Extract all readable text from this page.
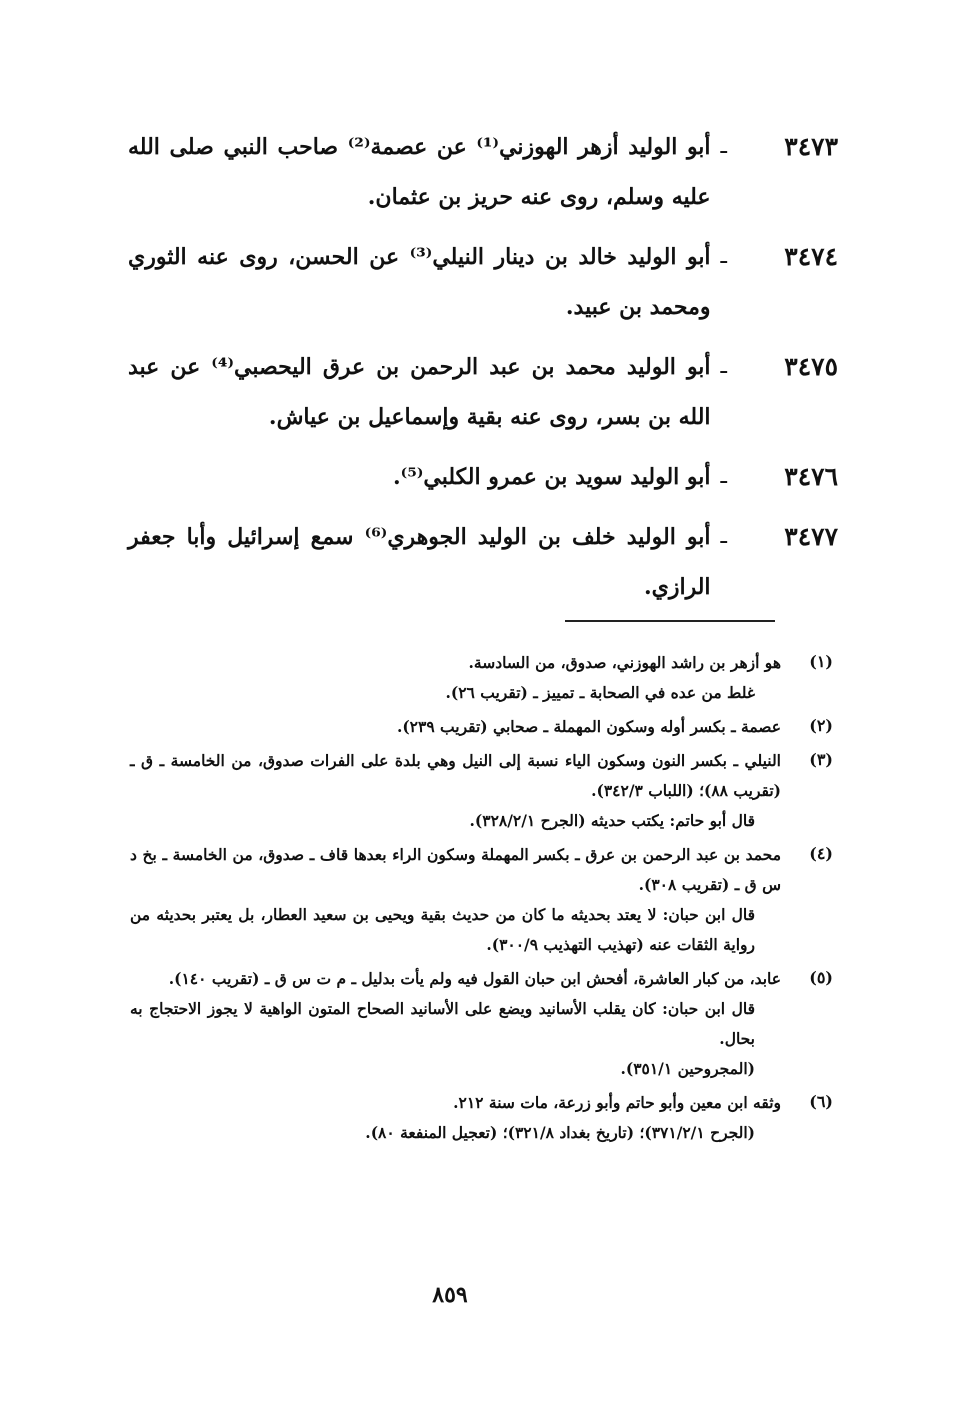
٣٤٧٣
ـ
أبو الوليد أزهر الهوزني⁽¹⁾ عن عصمة⁽²⁾ صاحب النبي صلى الله عليه وسلم، روى عنه حريز بن عثمان.
٣٤٧٤
ـ
أبو الوليد خالد بن دينار النيلي⁽³⁾ عن الحسن، روى عنه الثوري ومحمد بن عبيد.
٣٤٧٥
ـ
أبو الوليد محمد بن عبد الرحمن بن عرق اليحصبي⁽⁴⁾ عن عبد الله بن بسر، روى عنه بقية وإسماعيل بن عياش.
٣٤٧٦
ـ
أبو الوليد سويد بن عمرو الكلبي⁽⁵⁾.
٣٤٧٧
ـ
أبو الوليد خلف بن الوليد الجوهري⁽⁶⁾ سمع إسرائيل وأبا جعفر الرازي.
(١)

هو أزهر بن راشد الهوزني، صدوق، من السادسة.

غلط من عده في الصحابة ـ تمييز ـ (تقريب ٢٦).

(٢)

عصمة ـ بكسر أوله وسكون المهملة ـ صحابي (تقريب ٢٣٩).

(٣)

النيلي ـ بكسر النون وسكون الياء نسبة إلى النيل وهي بلدة على الفرات صدوق، من الخامسة ـ ق ـ (تقريب ٨٨)؛ (اللباب ٣٤٢/٣).

قال أبو حاتم: يكتب حديثه (الجرح ٣٢٨/٢/١).

(٤)

محمد بن عبد الرحمن بن عرق ـ بكسر المهملة وسكون الراء بعدها قاف ـ صدوق، من الخامسة ـ بخ د س ق ـ (تقريب ٣٠٨).

قال ابن حبان: لا يعتد بحديثه ما كان من حديث بقية ويحيى بن سعيد العطار، بل يعتبر بحديثه من رواية الثقات عنه (تهذيب التهذيب ٣٠٠/٩).

(٥)

عابد، من كبار العاشرة، أفحش ابن حبان القول فيه ولم يأت بدليل ـ م ت س ق ـ (تقريب ١٤٠).

قال ابن حبان: كان يقلب الأسانيد ويضع على الأسانيد الصحاح المتون الواهية لا يجوز الاحتجاج به بحال.

(المجروحين ٣٥١/١).

(٦)

وثقه ابن معين وأبو حاتم وأبو زرعة، مات سنة ٢١٢.

(الجرح ٣٧١/٢/١)؛ (تاريخ بغداد ٣٢١/٨)؛ (تعجيل المنفعة ٨٠).

٨٥٩
